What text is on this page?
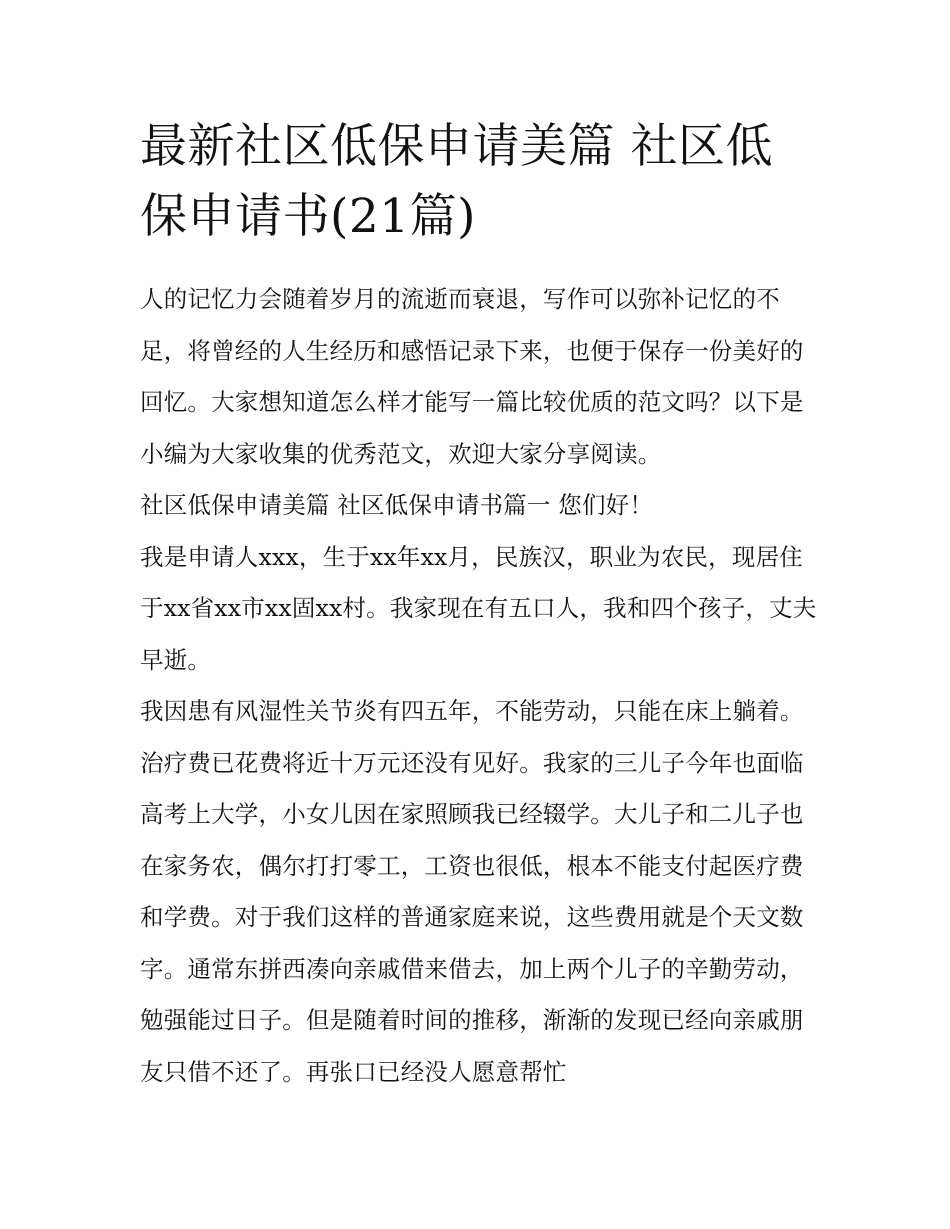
最新社区低保申请美篇 社区低保申请书(21篇)

人的记忆力会随着岁月的流逝而衰退，写作可以弥补记忆的不足，将曾经的人生经历和感悟记录下来，也便于保存一份美好的回忆。大家想知道怎么样才能写一篇比较优质的范文吗？以下是小编为大家收集的优秀范文，欢迎大家分享阅读。

社区低保申请美篇 社区低保申请书篇一 您们好！

我是申请人xxx，生于xx年xx月，民族汉，职业为农民，现居住于xx省xx市xx固xx村。我家现在有五口人，我和四个孩子，丈夫早逝。

我因患有风湿性关节炎有四五年，不能劳动，只能在床上躺着。治疗费已花费将近十万元还没有见好。我家的三儿子今年也面临高考上大学，小女儿因在家照顾我已经辍学。大儿子和二儿子也在家务农，偶尔打打零工，工资也很低，根本不能支付起医疗费和学费。对于我们这样的普通家庭来说，这些费用就是个天文数字。通常东拼西凑向亲戚借来借去，加上两个儿子的辛勤劳动，勉强能过日子。但是随着时间的推移，渐渐的发现已经向亲戚朋友只借不还了。再张口已经没人愿意帮忙
